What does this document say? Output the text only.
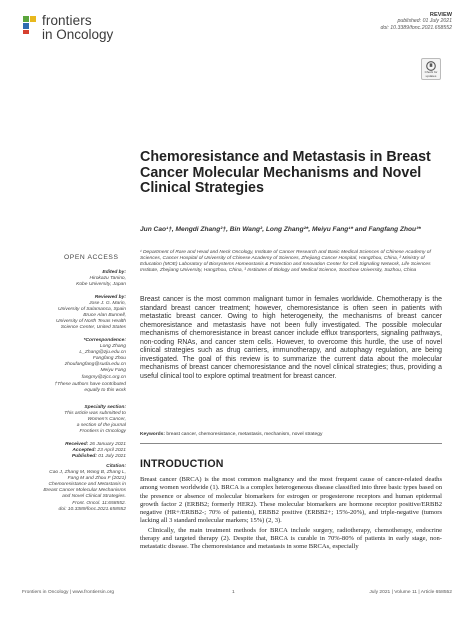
frontiers
in Oncology
REVIEW
published: 01 July 2021
doi: 10.3389/fonc.2021.658552
Check for updates
Chemoresistance and Metastasis in Breast Cancer Molecular Mechanisms and Novel Clinical Strategies
Jun Cao¹†, Mengdi Zhang²†, Bin Wang², Long Zhang²*, Meiyu Fang¹* and Fangfang Zhou³*
¹ Department of Rare and Head and Neck Oncology, Institute of Cancer Research and Basic Medical Sciences of Chinese Academy of Sciences, Cancer Hospital of University of Chinese Academy of Sciences, Zhejiang Cancer Hospital, Hangzhou, China, ² Ministry of Education (MOE) Laboratory of Biosystems Homeostasis & Protection and Innovation Center for Cell Signaling Network, Life Sciences Institute, Zhejiang University, Hangzhou, China, ³ Institutes of Biology and Medical Science, Soochow University, Suzhou, China
OPEN ACCESS
Edited by:
Hirokazu Tanino,
Kobe University, Japan
Reviewed by:
Jose J. G. Marin,
University of Salamanca, Spain
Bruce Alan Bunnell,
University of North Texas Health
Science Center, United States
*Correspondence:
Long Zhang
L_Zhang@zju.edu.cn
Fangfang Zhou
zhoufangfang@suda.edu.cn
Meiyu Fang
fangmy@zjcc.org.cn
†These authors have contributed
equally to this work
Specialty section:
This article was submitted to
Women's Cancer,
a section of the journal
Frontiers in Oncology
Received: 26 January 2021
Accepted: 23 April 2021
Published: 01 July 2021
Citation:
Cao J, Zhang M, Wang B, Zhang L,
Fang M and Zhou F (2021)
Chemoresistance and Metastasis in
Breast Cancer Molecular Mechanisms
and Novel Clinical Strategies.
Front. Oncol. 11:658552.
doi: 10.3389/fonc.2021.658552
Breast cancer is the most common malignant tumor in females worldwide. Chemotherapy is the standard breast cancer treatment; however, chemoresistance is often seen in patients with metastatic breast cancer. Owing to high heterogeneity, the mechanisms of breast cancer chemoresistance and metastasis have not been fully investigated. The possible molecular mechanisms of chemoresistance in breast cancer include efflux transporters, signaling pathways, non-coding RNAs, and cancer stem cells. However, to overcome this hurdle, the use of novel clinical strategies such as drug carriers, immunotherapy, and autophagy regulation, are being investigated. The goal of this review is to summarize the current data about the molecular mechanisms of breast cancer chemoresistance and the novel clinical strategies; thus, providing a useful clinical tool to explore optimal treatment for breast cancer.
Keywords: breast cancer, chemoresistance, metastasis, mechanism, novel strategy
INTRODUCTION

Breast cancer (BRCA) is the most common malignancy and the most frequent cause of cancer-related deaths among women worldwide (1). BRCA is a complex heterogeneous disease classified into three basic types based on the presence or absence of molecular biomarkers for estrogen or progesterone receptors and human epidermal growth factor 2 (ERBB2; formerly HER2). These molecular biomarkers are hormone receptor positive/ERBB2 negative (HR+/ERBB2-; 70% of patients), ERBB2 positive (ERBB2+; 15%-20%), and triple-negative (tumors lacking all 3 standard molecular markers; 15%) (2, 3).

Clinically, the main treatment methods for BRCA include surgery, radiotherapy, chemotherapy, endocrine therapy and targeted therapy (2). Despite that, BRCA is curable in 70%-80% of patients in early stage, non-metastatic disease. The chemoresistance and metastasis in some BRCAs, especially

Frontiers in Oncology | www.frontiersin.org	1	July 2021 | Volume 11 | Article 658552
